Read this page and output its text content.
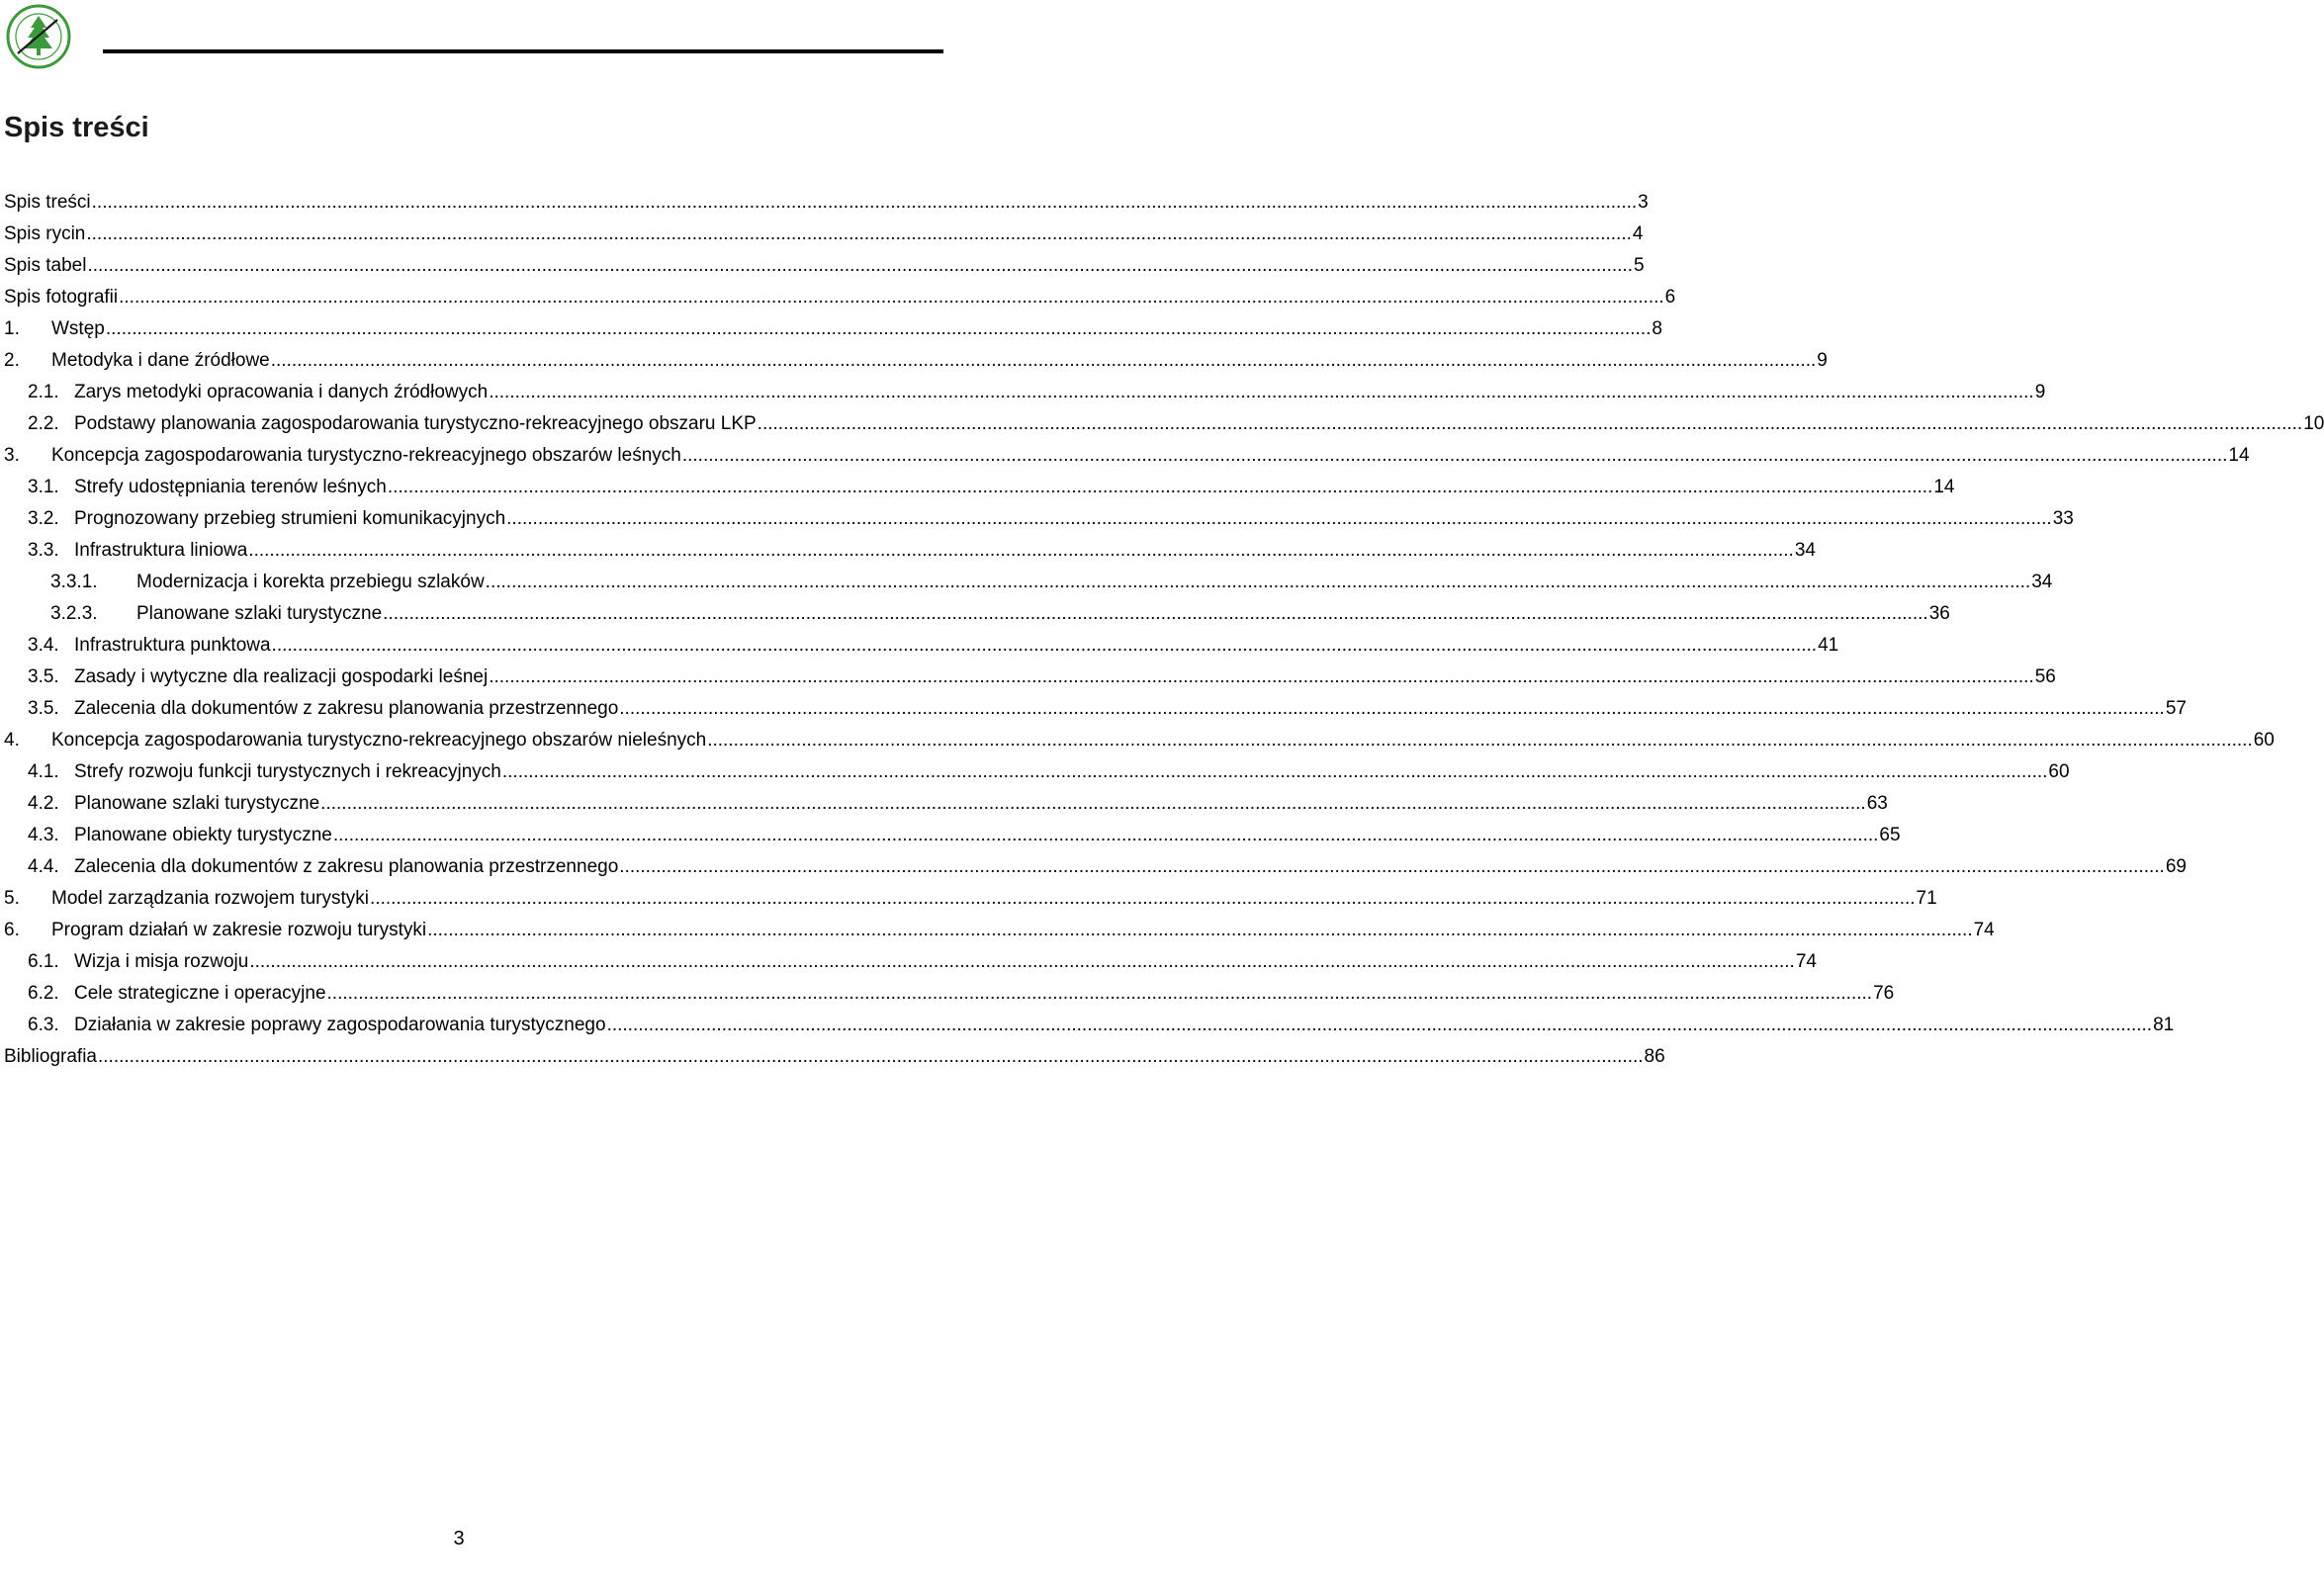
Spis treści
Spis treści .....	3
Spis rycin .....	4
Spis tabel .....	5
Spis fotografii .....	6
1.	Wstęp .....	8
2.	Metodyka i dane źródłowe .....	9
2.1. Zarys metodyki opracowania i danych źródłowych .....	9
2.2. Podstawy planowania zagospodarowania turystyczno-rekreacyjnego obszaru LKP .....	10
3.	Koncepcja zagospodarowania turystyczno-rekreacyjnego obszarów leśnych .....	14
3.1. Strefy udostępniania terenów leśnych .....	14
3.2. Prognozowany przebieg strumieni komunikacyjnych .....	33
3.3. Infrastruktura liniowa .....	34
3.3.1.	Modernizacja i korekta przebiegu szlaków .....	34
3.2.3.	Planowane szlaki turystyczne .....	36
3.4. Infrastruktura punktowa .....	41
3.5. Zasady i wytyczne dla realizacji gospodarki leśnej .....	56
3.5. Zalecenia dla dokumentów z zakresu planowania przestrzennego .....	57
4.	Koncepcja zagospodarowania turystyczno-rekreacyjnego obszarów nieleśnych .....	60
4.1. Strefy rozwoju funkcji turystycznych i rekreacyjnych .....	60
4.2. Planowane szlaki turystyczne .....	63
4.3. Planowane obiekty turystyczne .....	65
4.4. Zalecenia dla dokumentów z zakresu planowania przestrzennego .....	69
5.	Model zarządzania rozwojem turystyki .....	71
6.	Program działań w zakresie rozwoju turystyki .....	74
6.1. Wizja i misja rozwoju .....	74
6.2. Cele strategiczne i operacyjne .....	76
6.3. Działania w zakresie poprawy zagospodarowania turystycznego .....	81
Bibliografia .....	86
3
